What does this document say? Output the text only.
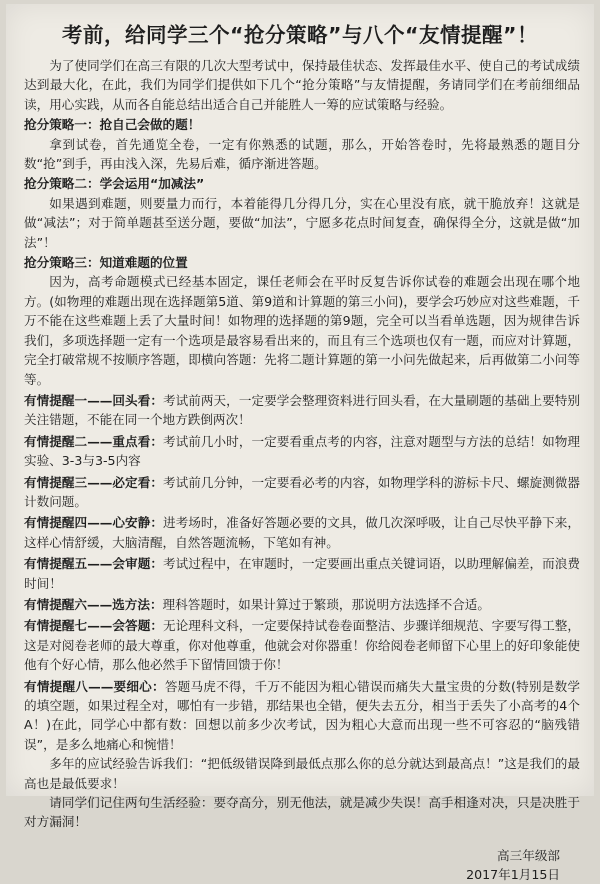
考前，给同学三个“抢分策略”与八个“友情提醒”！

为了使同学们在高三有限的几次大型考试中，保持最佳状态、发挥最佳水平、使自己的考试成绩达到最大化，在此，我们为同学们提供如下几个“抢分策略”与友情提醒，务请同学们在考前细细品读，用心实践，从而各自能总结出适合自己并能胜人一筹的应试策略与经验。

抢分策略一：抢自己会做的题！

拿到试卷，首先通览全卷，一定有你熟悉的试题，那么，开始答卷时，先将最熟悉的题目分数“抢”到手，再由浅入深，先易后难，循序渐进答题。

抢分策略二：学会运用“加减法”

如果遇到难题，则要量力而行，本着能得几分得几分，实在心里没有底，就干脆放弃！这就是做“减法”；对于简单题甚至送分题，要做“加法”，宁愿多花点时间复查，确保得全分，这就是做“加法”！

抢分策略三：知道难题的位置

因为，高考命题模式已经基本固定，课任老师会在平时反复告诉你试卷的难题会出现在哪个地方。(如物理的难题出现在选择题第5道、第9道和计算题的第三小问)，要学会巧妙应对这些难题，千万不能在这些难题上丢了大量时间！如物理的选择题的第9题，完全可以当看单选题，因为规律告诉我们，多项选择题一定有一个选项是最容易看出来的，而且有三个选项也仅有一题，而应对计算题，完全打破常规不按顺序答题，即横向答题：先将二题计算题的第一小问先做起来，后再做第二小问等等。

有情提醒一——回头看：考试前两天，一定要学会整理资料进行回头看，在大量刷题的基础上要特别关注错题，不能在同一个地方跌倒两次！

有情提醒二——重点看：考试前几小时，一定要看重点考的内容，注意对题型与方法的总结！如物理实验、3-3与3-5内容

有情提醒三——必定看：考试前几分钟，一定要看必考的内容，如物理学科的游标卡尺、螺旋测微器计数问题。

有情提醒四——心安静：进考场时，准备好答题必要的文具，做几次深呼吸，让自己尽快平静下来，这样心情舒缓，大脑清醒，自然答题流畅，下笔如有神。

有情提醒五——会审题：考试过程中，在审题时，一定要画出重点关键词语，以助理解偏差，而浪费时间！

有情提醒六——选方法：理科答题时，如果计算过于繁琐，那说明方法选择不合适。

有情提醒七——会答题：无论理科文科，一定要保持试卷卷面整洁、步骤详细规范、字要写得工整，这是对阅卷老师的最大尊重，你对他尊重，他就会对你器重！你给阅卷老师留下心里上的好印象能使他有个好心情，那么他必然手下留情回馈于你！

有情提醒八——要细心：答题马虎不得，千万不能因为粗心错误而痛失大量宝贵的分数(特别是数学的填空题，如果过程全对，哪怕有一步错，那结果也全错，便失去五分，相当于丢失了小高考的4个A！)在此，同学心中都有数：回想以前多少次考试，因为粗心大意而出现一些不可容忍的“脑残错误”，是多么地痛心和惋惜！

多年的应试经验告诉我们：“把低级错误降到最低点那么你的总分就达到最高点！”这是我们的最高也是最低要求！

请同学们记住两句生活经验：要夺高分，别无他法，就是减少失误！高手相逢对决，只是决胜于对方漏洞！

高三年级部
2017年1月15日
